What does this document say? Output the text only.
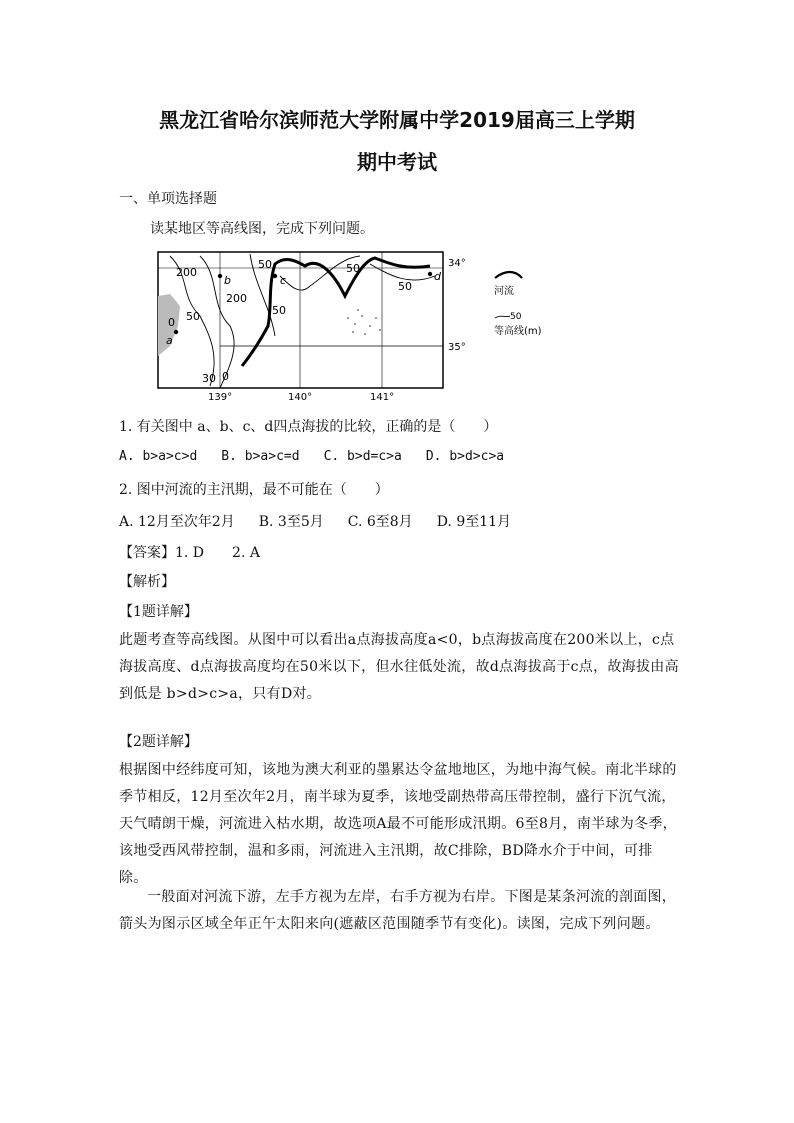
黑龙江省哈尔滨师范大学附属中学2019届高三上学期
期中考试
一、单项选择题
读某地区等高线图，完成下列问题。
200
200
50
50
50
50
50
0
30 0
b	c	d
a
34°
35°
139°	140°	141°
河流
50
等高线(m)
1. 有关图中 a、b、c、d四点海拔的比较，正确的是（　　）
A. b>a>c>d B. b>a>c=d C. b>d=c>a D. b>d>c>a
2. 图中河流的主汛期，最不可能在（　　）
A. 12月至次年2月 B. 3至5月 C. 6至8月 D. 9至11月
【答案】1. D　　2. A
【解析】
【1题详解】

此题考查等高线图。从图中可以看出a点海拔高度a<0，b点海拔高度在200米以上，c点海拔高度、d点海拔高度均在50米以下，但水往低处流，故d点海拔高于c点，故海拔由高到低是 b>d>c>a，只有D对。

【2题详解】

根据图中经纬度可知，该地为澳大利亚的墨累达令盆地地区，为地中海气候。南北半球的季节相反，12月至次年2月，南半球为夏季，该地受副热带高压带控制，盛行下沉气流，天气晴朗干燥，河流进入枯水期，故选项A最不可能形成汛期。6至8月，南半球为冬季，该地受西风带控制，温和多雨，河流进入主汛期，故C排除，BD降水介于中间，可排除。

一般面对河流下游，左手方视为左岸，右手方视为右岸。下图是某条河流的剖面图，箭头为图示区域全年正午太阳来向(遮蔽区范围随季节有变化)。读图，完成下列问题。
